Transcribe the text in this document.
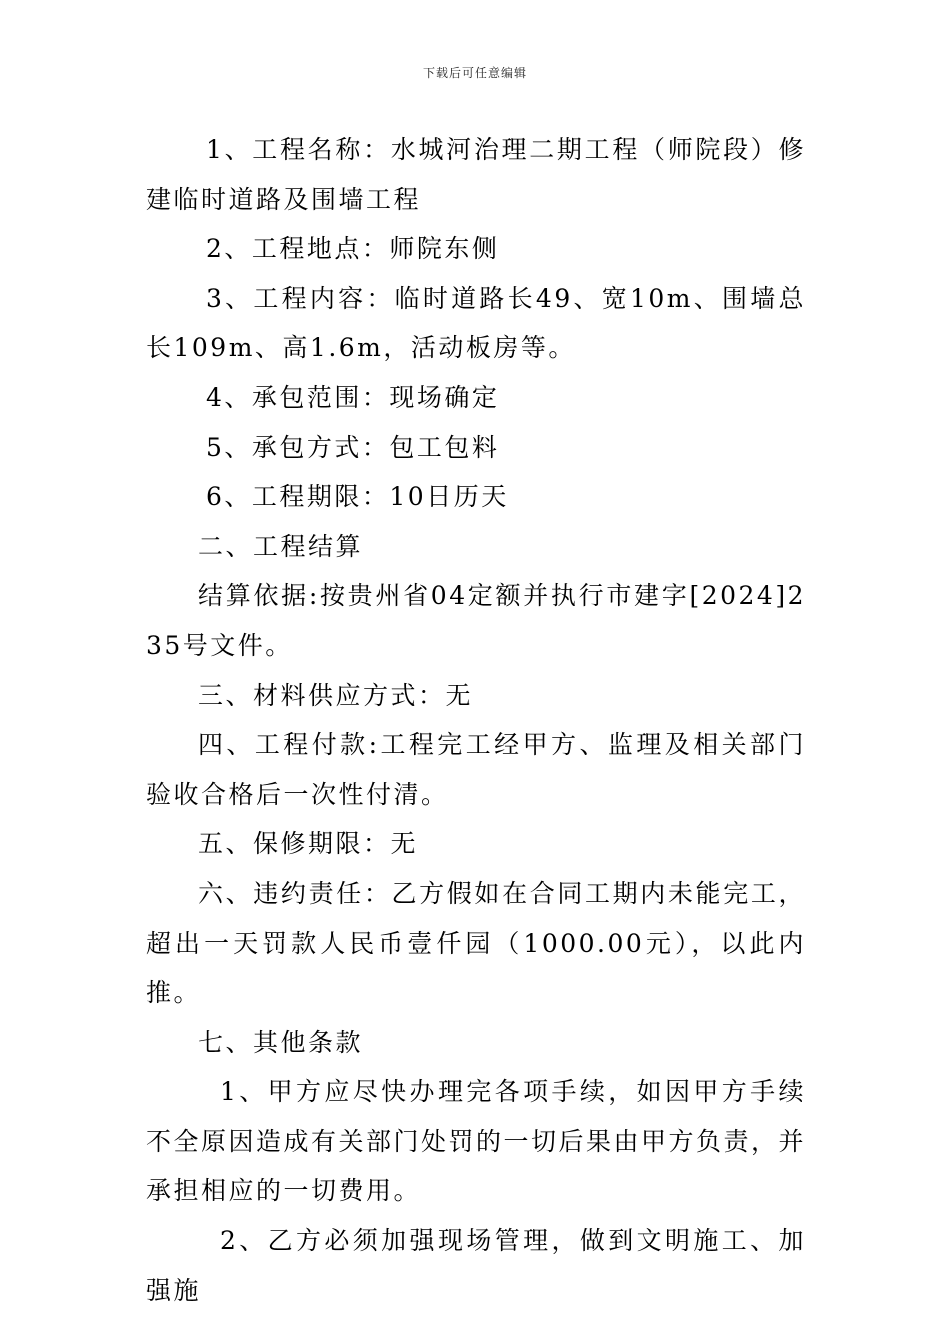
下载后可任意编辑

1、工程名称：水城河治理二期工程（师院段）修建临时道路及围墙工程

2、工程地点：师院东侧

3、工程内容：临时道路长49、宽10m、围墙总长109m、高1.6m，活动板房等。

4、承包范围：现场确定

5、承包方式：包工包料

6、工程期限：10日历天

二、工程结算

结算依据:按贵州省04定额并执行市建字[2024]235号文件。

三、材料供应方式：无

四、工程付款:工程完工经甲方、监理及相关部门验收合格后一次性付清。

五、保修期限：无

六、违约责任：乙方假如在合同工期内未能完工，超出一天罚款人民币壹仟园（1000.00元），以此内推。

七、其他条款

1、甲方应尽快办理完各项手续，如因甲方手续不全原因造成有关部门处罚的一切后果由甲方负责，并承担相应的一切费用。

2、乙方必须加强现场管理，做到文明施工、加强施
